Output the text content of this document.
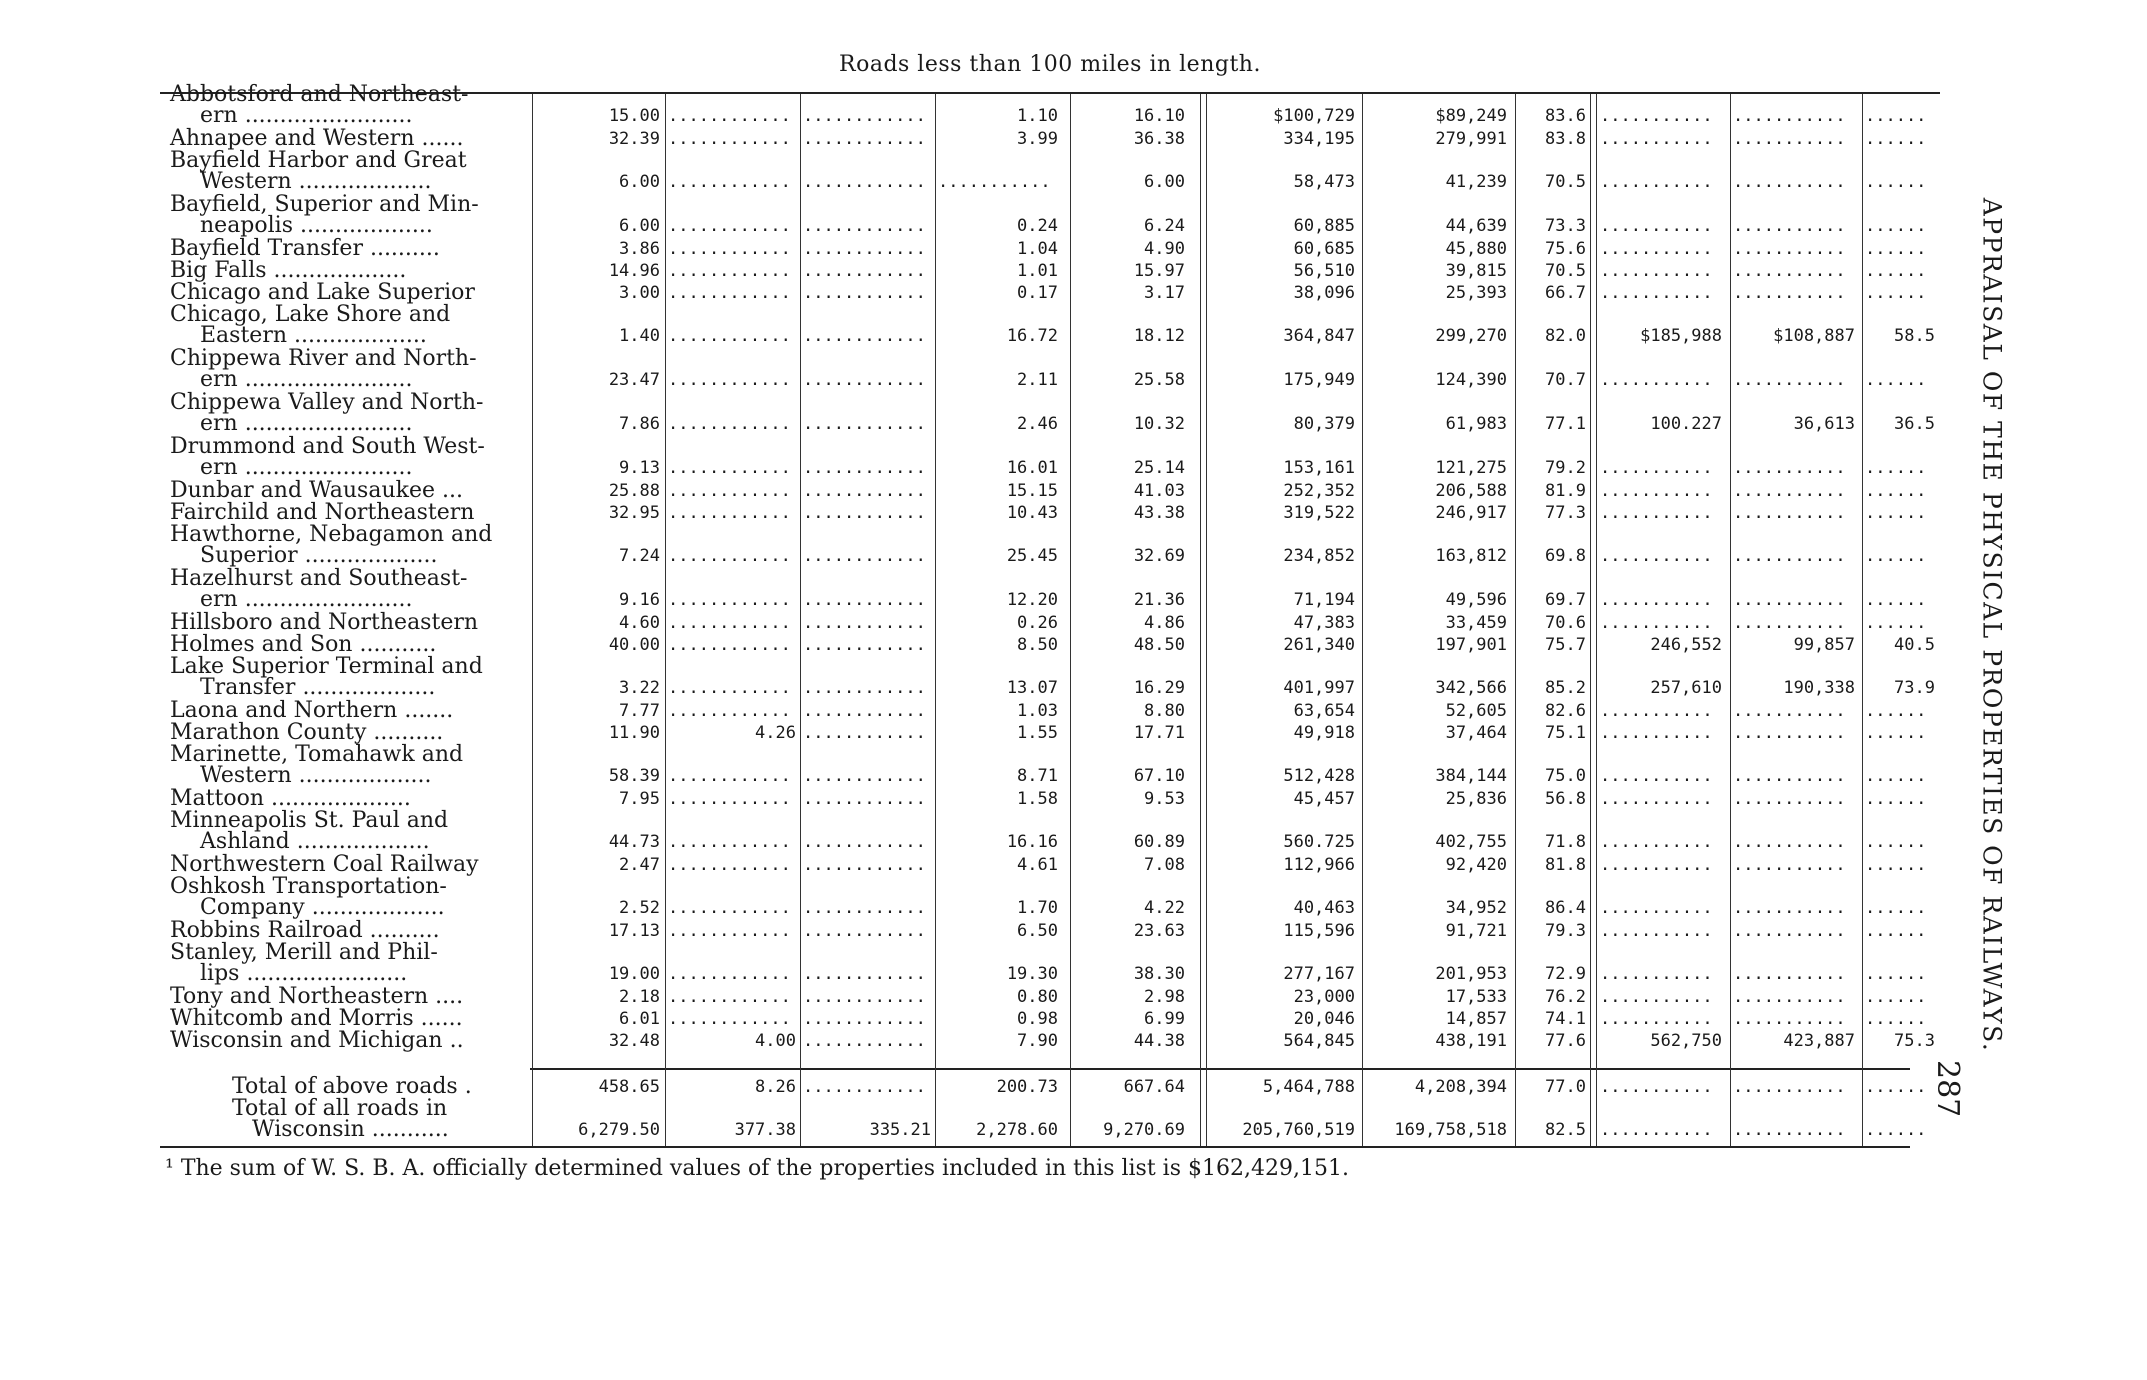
Roads less than 100 miles in length.
Abbotsford and Northeast-
ern ........................	15.00 ............ ............	1.10	16.10	$100,729	$89,249	83.6 ...........	...........	......
Ahnapee and Western ......	32.39 ............ ............	3.99	36.38	334,195	279,991	83.8 ...........	...........	......
Bayfield Harbor and Great
Western ...................	6.00 ............ ............ ...........	6.00	58,473	41,239	70.5 ...........	...........	......
Bayfield, Superior and Min-
neapolis ...................	6.00 ............ ............	0.24	6.24	60,885	44,639	73.3 ...........	...........	......
Bayfield Transfer ..........	3.86 ............ ............	1.04	4.90	60,685	45,880	75.6 ...........	...........	......
Big Falls ...................	14.96 ............ ............	1.01	15.97	56,510	39,815	70.5 ...........	...........	......
Chicago and Lake Superior	3.00 ............ ............	0.17	3.17	38,096	25,393	66.7 ...........	...........	......
Chicago, Lake Shore and
Eastern ...................	1.40 ............ ............	16.72	18.12	364,847	299,270	82.0	$185,988	$108,887	58.5
Chippewa River and North-
ern ........................	23.47 ............ ............	2.11	25.58	175,949	124,390	70.7 ...........	...........	......
Chippewa Valley and North-
ern ........................	7.86 ............ ............	2.46	10.32	80,379	61,983	77.1	100.227	36,613	36.5
Drummond and South West-
ern ........................	9.13 ............ ............	16.01	25.14	153,161	121,275	79.2 ...........	...........	......
Dunbar and Wausaukee ...	25.88 ............ ............	15.15	41.03	252,352	206,588	81.9 ...........	...........	......
Fairchild and Northeastern	32.95 ............ ............	10.43	43.38	319,522	246,917	77.3 ...........	...........	......
Hawthorne, Nebagamon and
Superior ...................	7.24 ............ ............	25.45	32.69	234,852	163,812	69.8 ...........	...........	......
Hazelhurst and Southeast-
ern ........................	9.16 ............ ............	12.20	21.36	71,194	49,596	69.7 ...........	...........	......
Hillsboro and Northeastern	4.60 ............ ............	0.26	4.86	47,383	33,459	70.6 ...........	...........	......
Holmes and Son ...........	40.00 ............ ............	8.50	48.50	261,340	197,901	75.7	246,552	99,857	40.5
Lake Superior Terminal and
Transfer ...................	3.22 ............ ............	13.07	16.29	401,997	342,566	85.2	257,610	190,338	73.9
Laona and Northern .......	7.77 ............ ............	1.03	8.80	63,654	52,605	82.6 ...........	...........	......
Marathon County ..........	11.90	4.26 ............	1.55	17.71	49,918	37,464	75.1 ...........	...........	......
Marinette, Tomahawk and
Western ...................	58.39 ............ ............	8.71	67.10	512,428	384,144	75.0 ...........	...........	......
Mattoon ....................	7.95 ............ ............	1.58	9.53	45,457	25,836	56.8 ...........	...........	......
Minneapolis St. Paul and
Ashland ...................	44.73 ............ ............	16.16	60.89	560.725	402,755	71.8 ...........	...........	......
Northwestern Coal Railway	2.47 ............ ............	4.61	7.08	112,966	92,420	81.8 ...........	...........	......
Oshkosh Transportation-
Company ...................	2.52 ............ ............	1.70	4.22	40,463	34,952	86.4 ...........	...........	......
Robbins Railroad ..........	17.13 ............ ............	6.50	23.63	115,596	91,721	79.3 ...........	...........	......
Stanley, Merill and Phil-
lips .......................	19.00 ............ ............	19.30	38.30	277,167	201,953	72.9 ...........	...........	......
Tony and Northeastern ....	2.18 ............ ............	0.80	2.98	23,000	17,533	76.2 ...........	...........	......
Whitcomb and Morris ......	6.01 ............ ............	0.98	6.99	20,046	14,857	74.1 ...........	...........	......
Wisconsin and Michigan ..	32.48	4.00 ............	7.90	44.38	564,845	438,191	77.6	562,750	423,887	75.3
Total of above roads .	458.65	8.26 ............	200.73	667.64	5,464,788	4,208,394	77.0 ...........	...........	......
Total of all roads in
Wisconsin ...........	6,279.50	377.38	335.21	2,278.60	9,270.69	205,760,519	169,758,518	82.5 ...........	...........	......
APPRAISAL OF THE PHYSICAL PROPERTIES OF RAILWAYS.
287
¹ The sum of W. S. B. A. officially determined values of the properties included in this list is $162,429,151.
